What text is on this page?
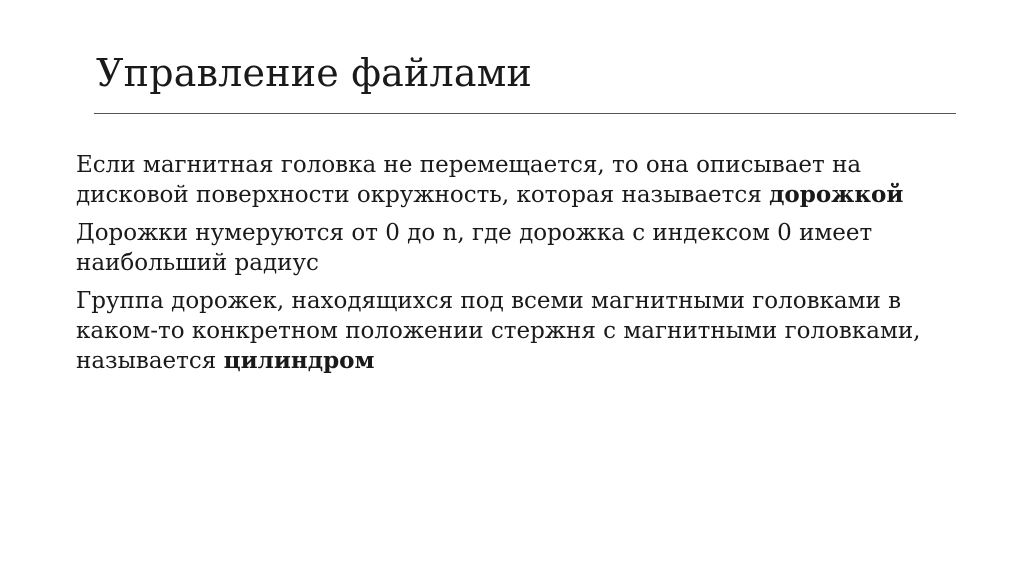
Управление файлами

Если магнитная головка не перемещается, то она описывает на дисковой поверхности окружность, которая называется дорожкой

Дорожки нумеруются от 0 до n, где дорожка с индексом 0 имеет наибольший радиус

Группа дорожек, находящихся под всеми магнитными головками в каком-то конкретном положении стержня с магнитными головками, называется цилиндром
